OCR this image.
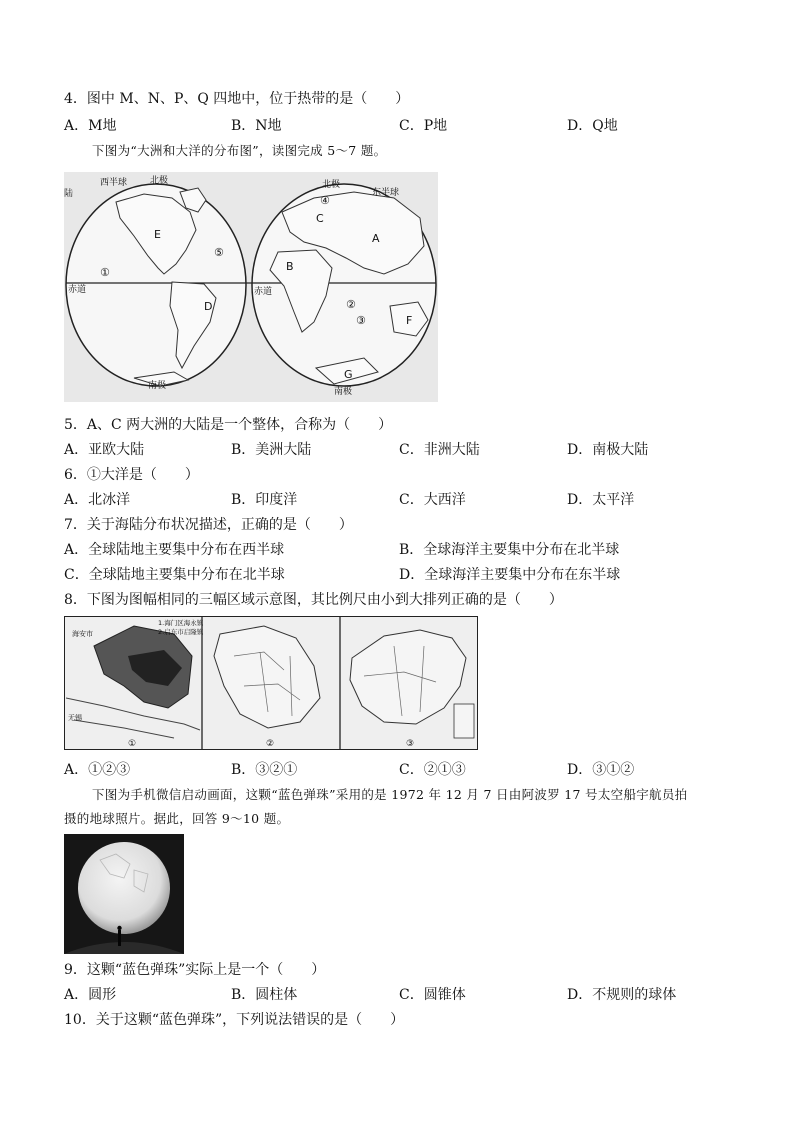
4．图中 M、N、P、Q 四地中，位于热带的是（　　）
A．M地	B．N地	C．P地	D．Q地
下图为“大洲和大洋的分布图”，读图完成 5～7 题。
西半球	北极	北极
东半球
陆
赤道	赤道
南极
南极
A
B
C
D
E
F
G
①
②
③
④
⑤
5．A、C 两大洲的大陆是一个整体，合称为（　　）
A．亚欧大陆	B．美洲大陆	C．非洲大陆	D．南极大陆
6．①大洋是（　　）
A．北冰洋	B．印度洋	C．大西洋	D．太平洋
7．关于海陆分布状况描述，正确的是（　　）
A．全球陆地主要集中分布在西半球	B．全球海洋主要集中分布在北半球
C．全球陆地主要集中分布在北半球	D．全球海洋主要集中分布在东半球
8．下图为图幅相同的三幅区域示意图，其比例尺由小到大排列正确的是（　　）
1.海门区海永镇
2.启东市启隆镇
海安市
无锡
①	②	③
A．①②③	B．③②①	C．②①③	D．③①②
下图为手机微信启动画面，这颗“蓝色弹珠”采用的是 1972 年 12 月 7 日由阿波罗 17 号太空船宇航员拍
摄的地球照片。据此，回答 9～10 题。
9．这颗“蓝色弹珠”实际上是一个（　　）
A．圆形	B．圆柱体	C．圆锥体	D．不规则的球体
10．关于这颗“蓝色弹珠”，下列说法错误的是（　　）
